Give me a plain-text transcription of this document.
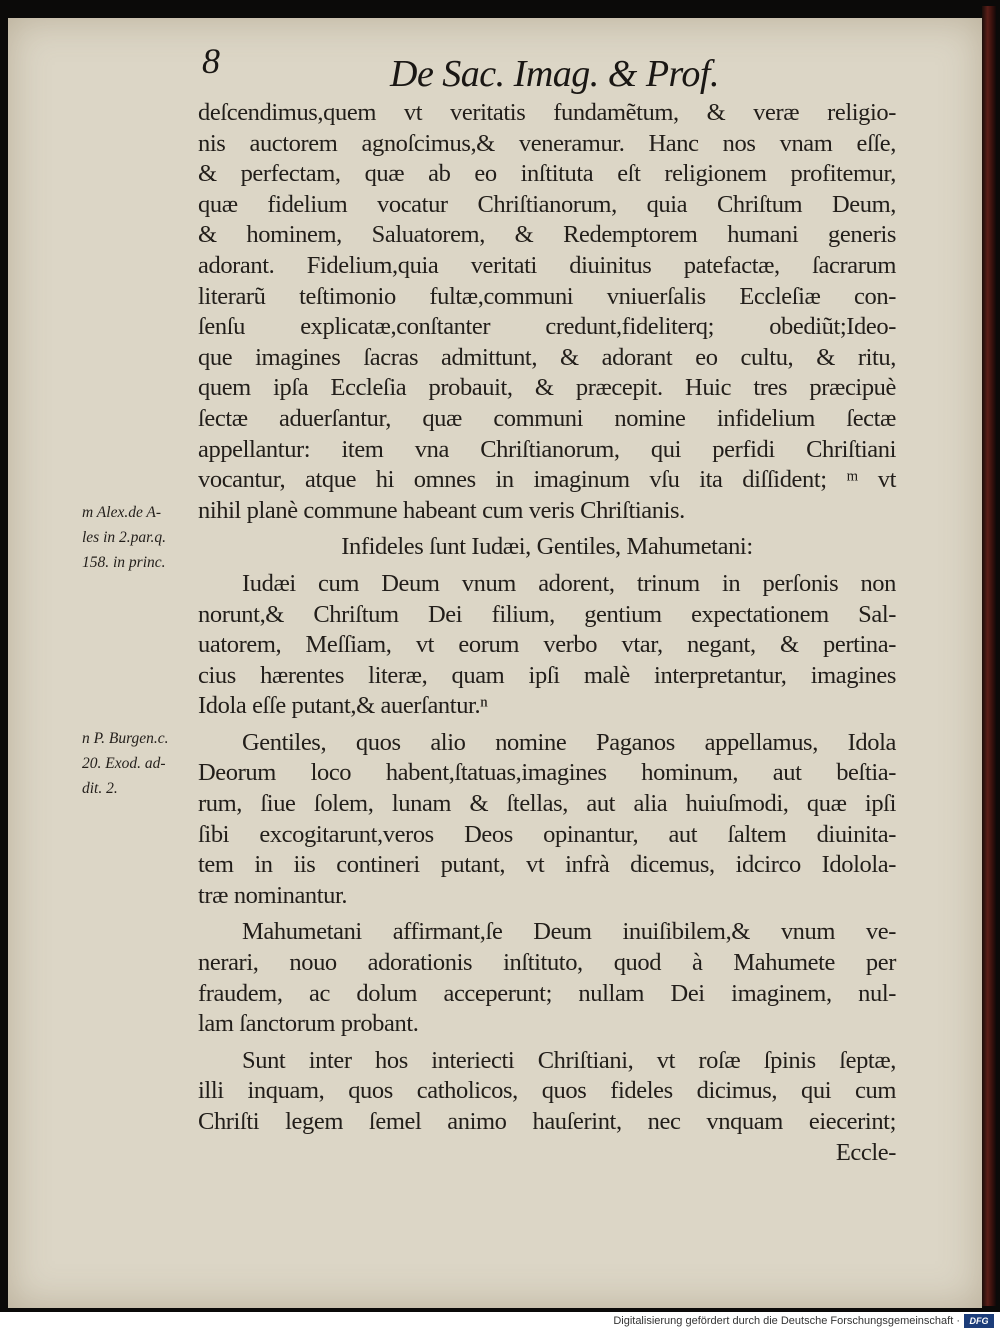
8	De Sac. Imag. & Prof.
deſcendimus,quem vt veritatis fundamẽtum, & veræ religio-
nis auctorem agnoſcimus,& veneramur. Hanc nos vnam eſſe,
& perfectam, quæ ab eo inſtituta eſt religionem profitemur,
quæ fidelium vocatur Chriſtianorum, quia Chriſtum Deum,
& hominem, Saluatorem, & Redemptorem humani generis
adorant. Fidelium,quia veritati diuinitus patefactæ, ſacrarum
literarũ teſtimonio fultæ,communi vniuerſalis Eccleſiæ con-
ſenſu explicatæ,conſtanter credunt,fideliterq; obediũt;Ideo-
que imagines ſacras admittunt, & adorant eo cultu, & ritu,
quem ipſa Eccleſia probauit, & præcepit. Huic tres præcipuè
ſectæ aduerſantur, quæ communi nomine infidelium ſectæ
appellantur: item vna Chriſtianorum, qui perfidi Chriſtiani
vocantur, atque hi omnes in imaginum vſu ita diſſident; ᵐ vt
nihil planè commune habeant cum veris Chriſtianis.
Infideles ſunt Iudæi, Gentiles, Mahumetani:
Iudæi cum Deum vnum adorent, trinum in perſonis non
norunt,& Chriſtum Dei filium, gentium expectationem Sal-
uatorem, Meſſiam, vt eorum verbo vtar, negant, & pertina-
cius hærentes literæ, quam ipſi malè interpretantur, imagines
Idola eſſe putant,& auerſantur.ⁿ
Gentiles, quos alio nomine Paganos appellamus, Idola
Deorum loco habent,ſtatuas,imagines hominum, aut beſtia-
rum, ſiue ſolem, lunam & ſtellas, aut alia huiuſmodi, quæ ipſi
ſibi excogitarunt,veros Deos opinantur, aut ſaltem diuinita-
tem in iis contineri putant, vt infrà dicemus, idcirco Idolola-
træ nominantur.
Mahumetani affirmant,ſe Deum inuiſibilem,& vnum ve-
nerari, nouo adorationis inſtituto, quod à Mahumete per
fraudem, ac dolum acceperunt; nullam Dei imaginem, nul-
lam ſanctorum probant.
Sunt inter hos interiecti Chriſtiani, vt roſæ ſpinis ſeptæ,
illi inquam, quos catholicos, quos fideles dicimus, qui cum
Chriſti legem ſemel animo hauſerint, nec vnquam eiecerint;
Eccle-
m Alex.de A-
les in 2.par.q.
158. in princ.
n P. Burgen.c.
20. Exod. ad-
dit. 2.
Digitalisierung gefördert durch die Deutsche Forschungsgemeinschaft ·	DFG
